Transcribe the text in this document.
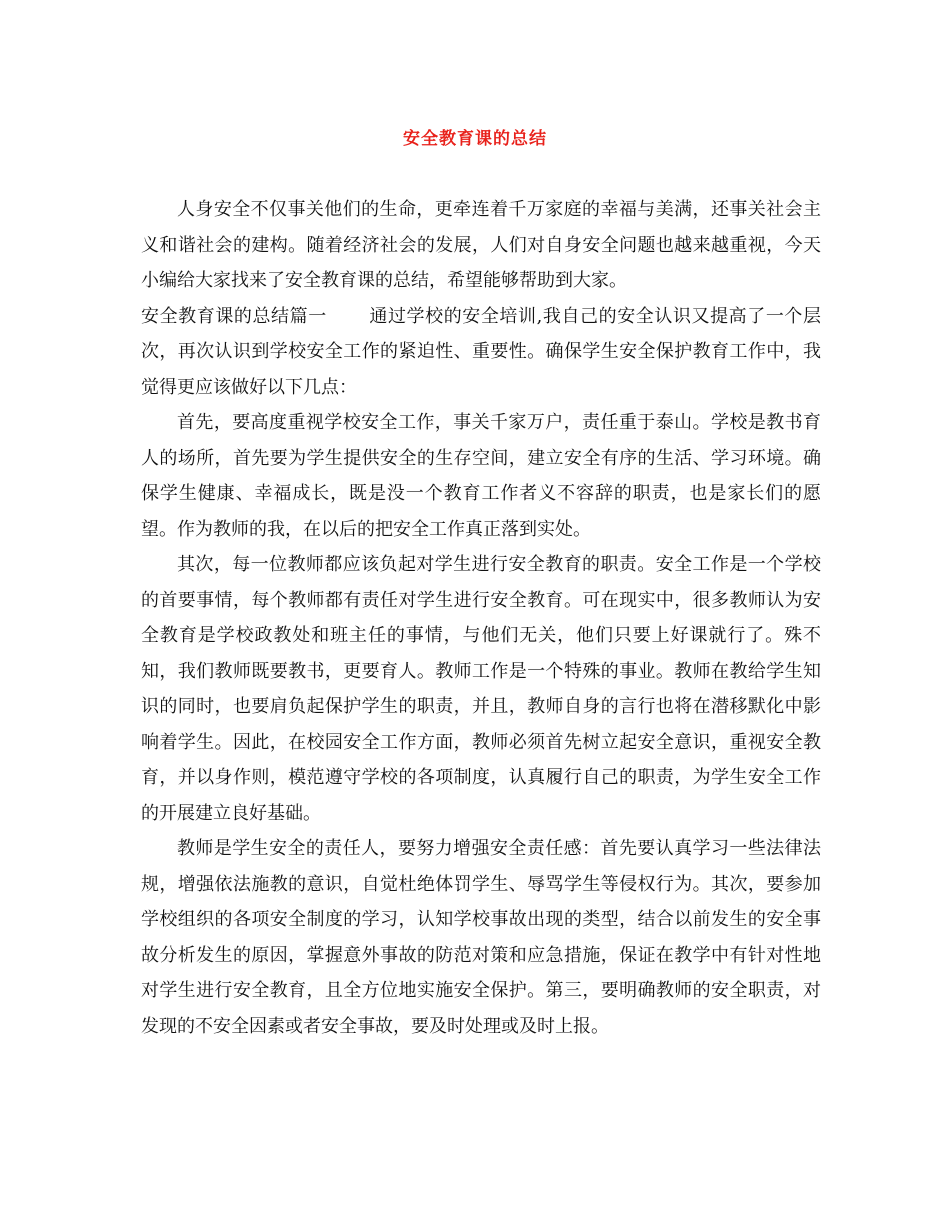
安全教育课的总结

人身安全不仅事关他们的生命，更牵连着千万家庭的幸福与美满，还事关社会主义和谐社会的建构。随着经济社会的发展，人们对自身安全问题也越来越重视，今天小编给大家找来了安全教育课的总结，希望能够帮助到大家。

安全教育课的总结篇一 通过学校的安全培训,我自己的安全认识又提高了一个层次，再次认识到学校安全工作的紧迫性、重要性。确保学生安全保护教育工作中，我觉得更应该做好以下几点：

首先，要高度重视学校安全工作，事关千家万户，责任重于泰山。学校是教书育人的场所，首先要为学生提供安全的生存空间，建立安全有序的生活、学习环境。确保学生健康、幸福成长，既是没一个教育工作者义不容辞的职责，也是家长们的愿望。作为教师的我，在以后的把安全工作真正落到实处。

其次，每一位教师都应该负起对学生进行安全教育的职责。安全工作是一个学校的首要事情，每个教师都有责任对学生进行安全教育。可在现实中，很多教师认为安全教育是学校政教处和班主任的事情，与他们无关，他们只要上好课就行了。殊不知，我们教师既要教书，更要育人。教师工作是一个特殊的事业。教师在教给学生知识的同时，也要肩负起保护学生的职责，并且，教师自身的言行也将在潜移默化中影响着学生。因此，在校园安全工作方面，教师必须首先树立起安全意识，重视安全教育，并以身作则，模范遵守学校的各项制度，认真履行自己的职责，为学生安全工作的开展建立良好基础。

教师是学生安全的责任人，要努力增强安全责任感：首先要认真学习一些法律法规，增强依法施教的意识，自觉杜绝体罚学生、辱骂学生等侵权行为。其次，要参加学校组织的各项安全制度的学习，认知学校事故出现的类型，结合以前发生的安全事故分析发生的原因，掌握意外事故的防范对策和应急措施，保证在教学中有针对性地对学生进行安全教育，且全方位地实施安全保护。第三，要明确教师的安全职责，对发现的不安全因素或者安全事故，要及时处理或及时上报。
